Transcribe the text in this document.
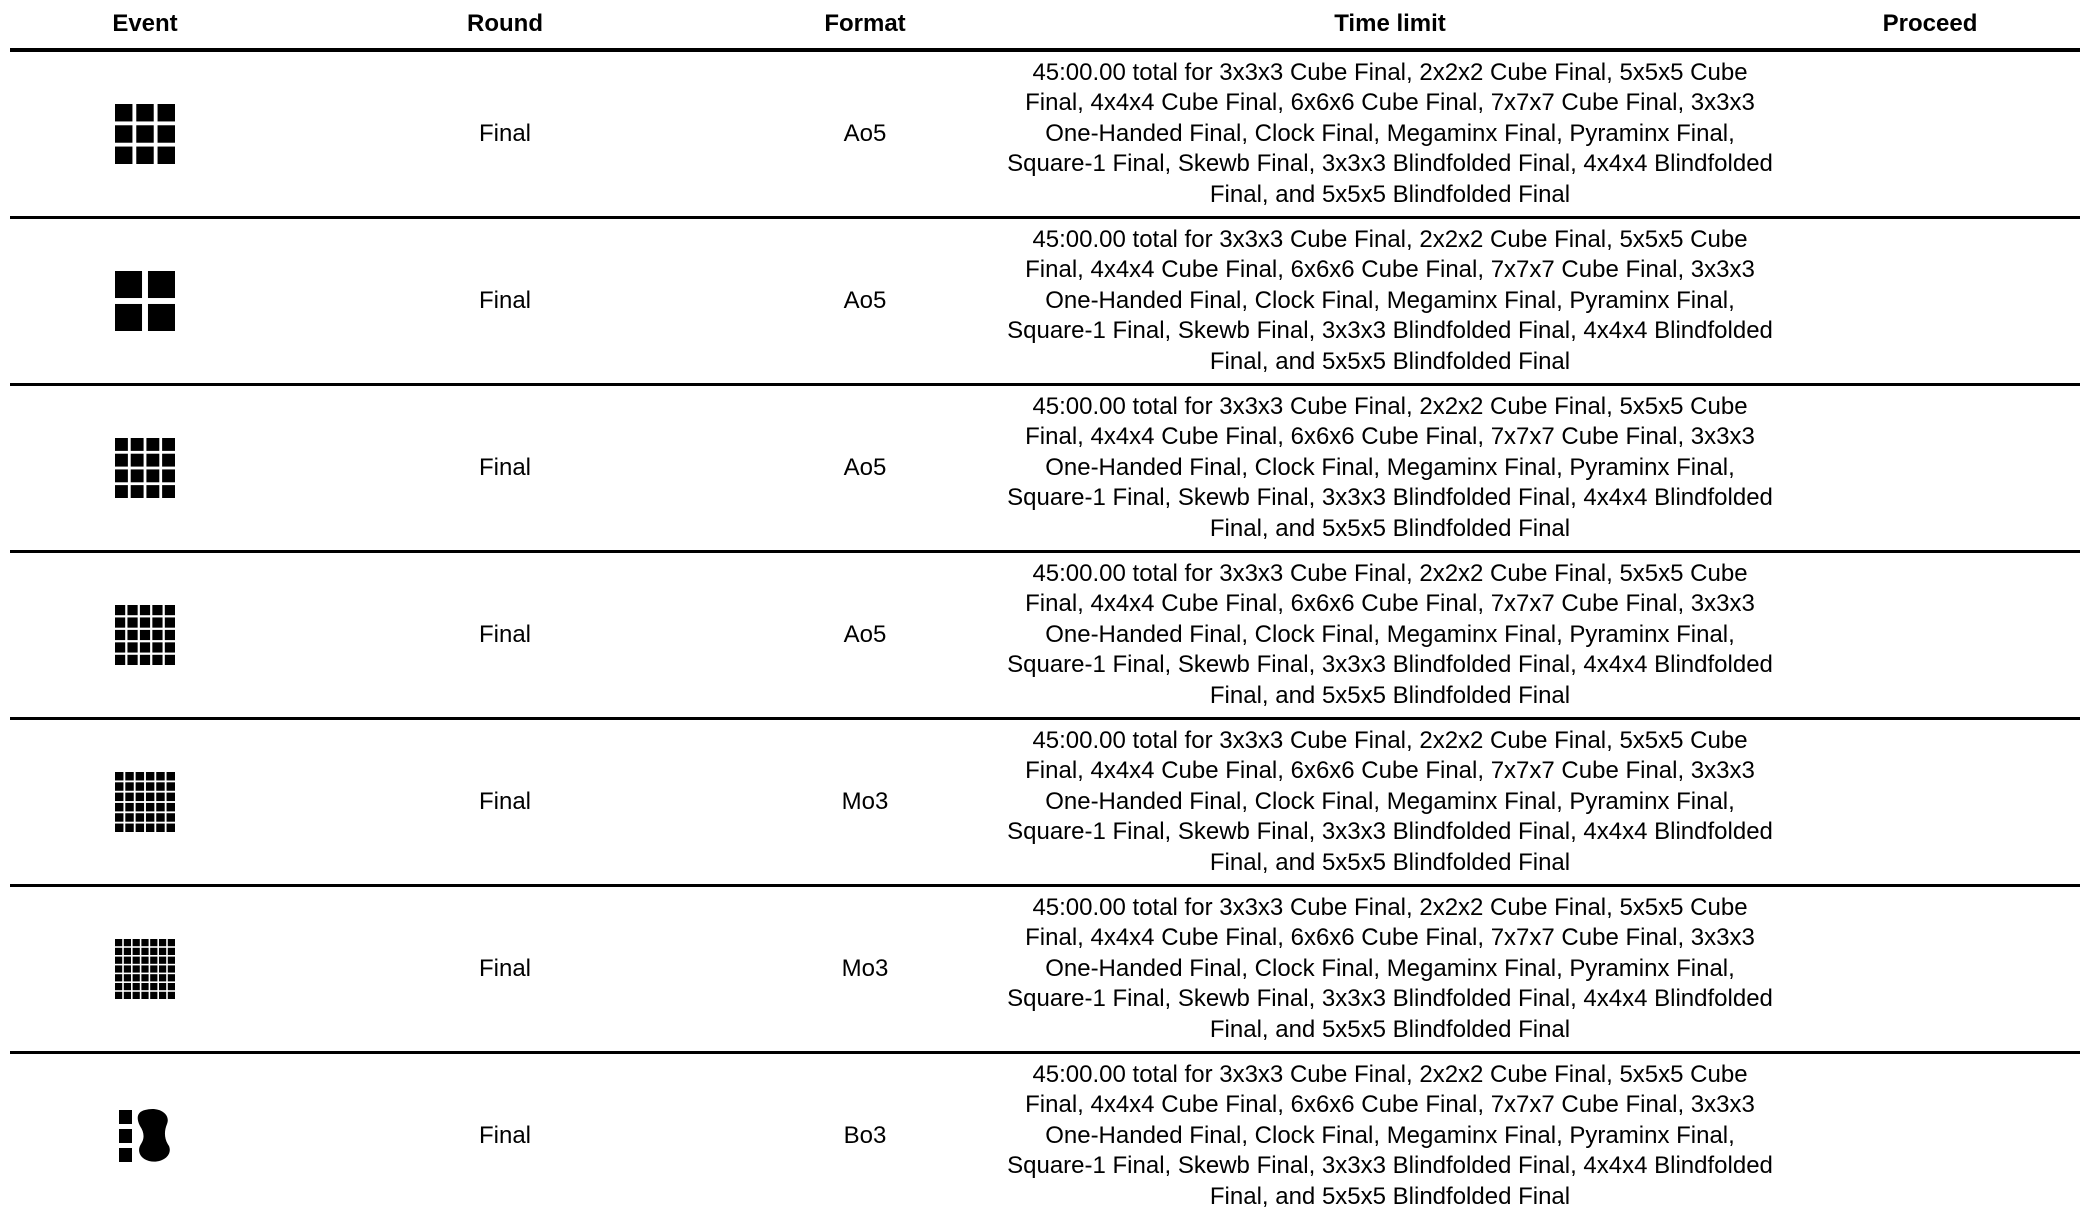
Event	Round	Format	Time limit	Proceed

	Final	Ao5	45:00.00 total for 3x3x3 Cube Final, 2x2x2 Cube Final, 5x5x5 Cube Final, 4x4x4 Cube Final, 6x6x6 Cube Final, 7x7x7 Cube Final, 3x3x3 One-Handed Final, Clock Final, Megaminx Final, Pyraminx Final, Square-1 Final, Skewb Final, 3x3x3 Blindfolded Final, 4x4x4 Blindfolded Final, and 5x5x5 Blindfolded Final	

	Final	Ao5	45:00.00 total for 3x3x3 Cube Final, 2x2x2 Cube Final, 5x5x5 Cube Final, 4x4x4 Cube Final, 6x6x6 Cube Final, 7x7x7 Cube Final, 3x3x3 One-Handed Final, Clock Final, Megaminx Final, Pyraminx Final, Square-1 Final, Skewb Final, 3x3x3 Blindfolded Final, 4x4x4 Blindfolded Final, and 5x5x5 Blindfolded Final	

	Final	Ao5	45:00.00 total for 3x3x3 Cube Final, 2x2x2 Cube Final, 5x5x5 Cube Final, 4x4x4 Cube Final, 6x6x6 Cube Final, 7x7x7 Cube Final, 3x3x3 One-Handed Final, Clock Final, Megaminx Final, Pyraminx Final, Square-1 Final, Skewb Final, 3x3x3 Blindfolded Final, 4x4x4 Blindfolded Final, and 5x5x5 Blindfolded Final	

	Final	Ao5	45:00.00 total for 3x3x3 Cube Final, 2x2x2 Cube Final, 5x5x5 Cube Final, 4x4x4 Cube Final, 6x6x6 Cube Final, 7x7x7 Cube Final, 3x3x3 One-Handed Final, Clock Final, Megaminx Final, Pyraminx Final, Square-1 Final, Skewb Final, 3x3x3 Blindfolded Final, 4x4x4 Blindfolded Final, and 5x5x5 Blindfolded Final	

	Final	Mo3	45:00.00 total for 3x3x3 Cube Final, 2x2x2 Cube Final, 5x5x5 Cube Final, 4x4x4 Cube Final, 6x6x6 Cube Final, 7x7x7 Cube Final, 3x3x3 One-Handed Final, Clock Final, Megaminx Final, Pyraminx Final, Square-1 Final, Skewb Final, 3x3x3 Blindfolded Final, 4x4x4 Blindfolded Final, and 5x5x5 Blindfolded Final	

	Final	Mo3	45:00.00 total for 3x3x3 Cube Final, 2x2x2 Cube Final, 5x5x5 Cube Final, 4x4x4 Cube Final, 6x6x6 Cube Final, 7x7x7 Cube Final, 3x3x3 One-Handed Final, Clock Final, Megaminx Final, Pyraminx Final, Square-1 Final, Skewb Final, 3x3x3 Blindfolded Final, 4x4x4 Blindfolded Final, and 5x5x5 Blindfolded Final	

	Final	Bo3	45:00.00 total for 3x3x3 Cube Final, 2x2x2 Cube Final, 5x5x5 Cube Final, 4x4x4 Cube Final, 6x6x6 Cube Final, 7x7x7 Cube Final, 3x3x3 One-Handed Final, Clock Final, Megaminx Final, Pyraminx Final, Square-1 Final, Skewb Final, 3x3x3 Blindfolded Final, 4x4x4 Blindfolded Final, and 5x5x5 Blindfolded Final	
